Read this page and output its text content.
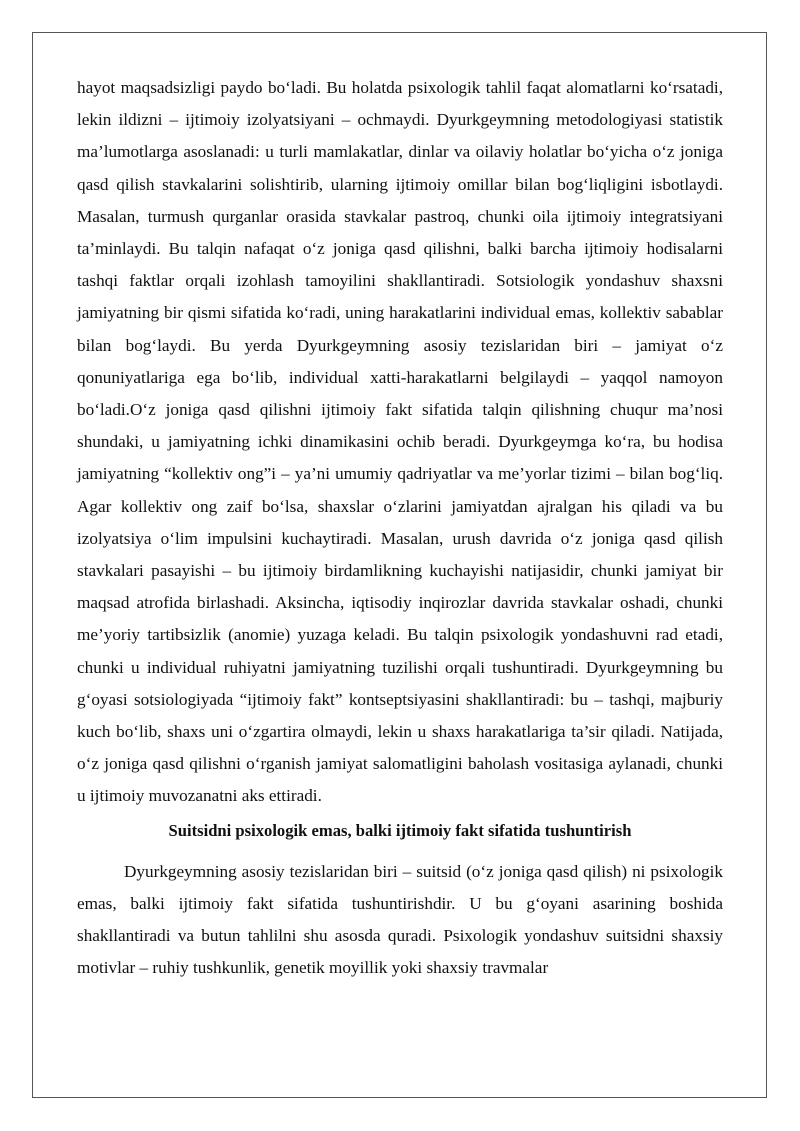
hayot maqsadsizligi paydo bo‘ladi. Bu holatda psixologik tahlil faqat alomatlarni ko‘rsatadi, lekin ildizni – ijtimoiy izolyatsiyani – ochmaydi. Dyurkgeymning metodologiyasi statistik ma’lumotlarga asoslanadi: u turli mamlakatlar, dinlar va oilaviy holatlar bo‘yicha o‘z joniga qasd qilish stavkalarini solishtirib, ularning ijtimoiy omillar bilan bog‘liqligini isbotlaydi. Masalan, turmush qurganlar orasida stavkalar pastroq, chunki oila ijtimoiy integratsiyani ta’minlaydi. Bu talqin nafaqat o‘z joniga qasd qilishni, balki barcha ijtimoiy hodisalarni tashqi faktlar orqali izohlash tamoyilini shakllantiradi. Sotsiologik yondashuv shaxsni jamiyatning bir qismi sifatida ko‘radi, uning harakatlarini individual emas, kollektiv sabablar bilan bog‘laydi. Bu yerda Dyurkgeymning asosiy tezislaridan biri – jamiyat o‘z qonuniyatlariga ega bo‘lib, individual xatti-harakatlarni belgilaydi – yaqqol namoyon bo‘ladi.O‘z joniga qasd qilishni ijtimoiy fakt sifatida talqin qilishning chuqur ma’nosi shundaki, u jamiyatning ichki dinamikasini ochib beradi. Dyurkgeymga ko‘ra, bu hodisa jamiyatning “kollektiv ong”i – ya’ni umumiy qadriyatlar va me’yorlar tizimi – bilan bog‘liq. Agar kollektiv ong zaif bo‘lsa, shaxslar o‘zlarini jamiyatdan ajralgan his qiladi va bu izolyatsiya o‘lim impulsini kuchaytiradi. Masalan, urush davrida o‘z joniga qasd qilish stavkalari pasayishi – bu ijtimoiy birdamlikning kuchayishi natijasidir, chunki jamiyat bir maqsad atrofida birlashadi. Aksincha, iqtisodiy inqirozlar davrida stavkalar oshadi, chunki me’yoriy tartibsizlik (anomie) yuzaga keladi. Bu talqin psixologik yondashuvni rad etadi, chunki u individual ruhiyatni jamiyatning tuzilishi orqali tushuntiradi. Dyurkgeymning bu g‘oyasi sotsiologiyada “ijtimoiy fakt” kontseptsiyasini shakllantiradi: bu – tashqi, majburiy kuch bo‘lib, shaxs uni o‘zgartira olmaydi, lekin u shaxs harakatlariga ta’sir qiladi. Natijada, o‘z joniga qasd qilishni o‘rganish jamiyat salomatligini baholash vositasiga aylanadi, chunki u ijtimoiy muvozanatni aks ettiradi.

Suitsidni psixologik emas, balki ijtimoiy fakt sifatida tushuntirish

Dyurkgeymning asosiy tezislaridan biri – suitsid (o‘z joniga qasd qilish) ni psixologik emas, balki ijtimoiy fakt sifatida tushuntirishdir. U bu g‘oyani asarining boshida shakllantiradi va butun tahlilni shu asosda quradi. Psixologik yondashuv suitsidni shaxsiy motivlar – ruhiy tushkunlik, genetik moyillik yoki shaxsiy travmalar
